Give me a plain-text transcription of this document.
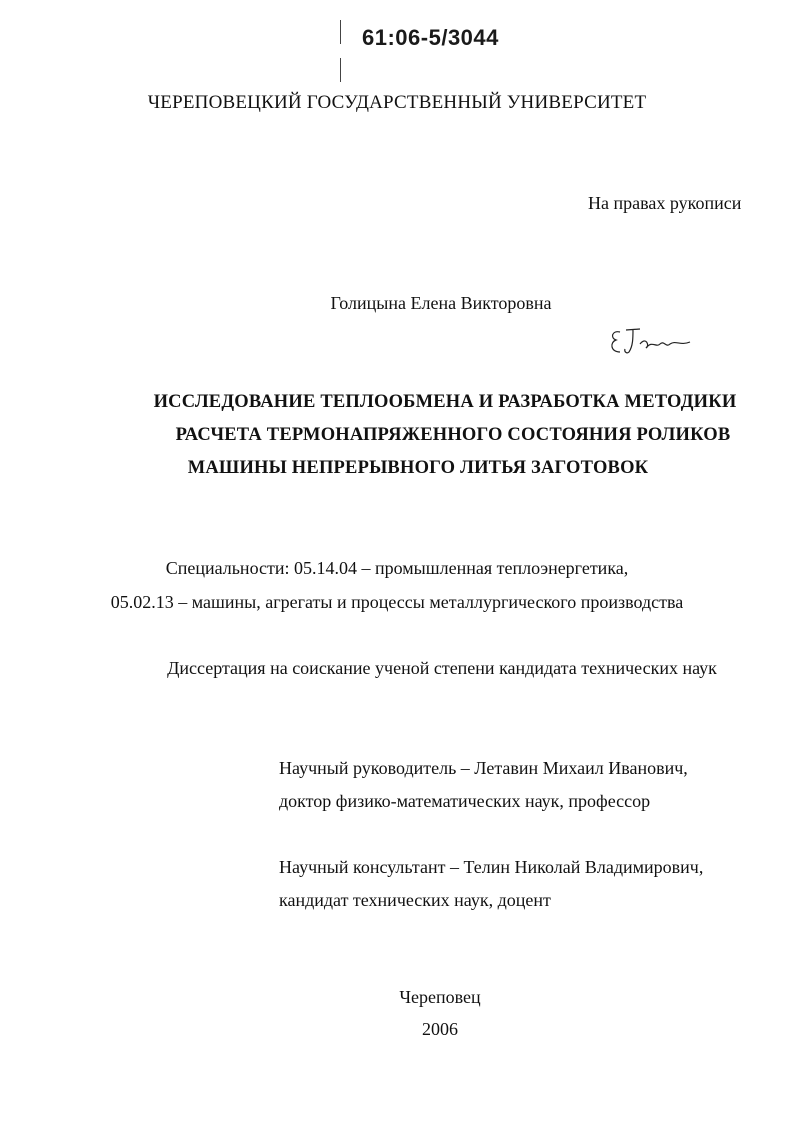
61:06-5/3044
ЧЕРЕПОВЕЦКИЙ ГОСУДАРСТВЕННЫЙ УНИВЕРСИТЕТ
На правах рукописи
Голицына Елена Викторовна
ИССЛЕДОВАНИЕ ТЕПЛООБМЕНА И РАЗРАБОТКА МЕТОДИКИ
РАСЧЕТА ТЕРМОНАПРЯЖЕННОГО СОСТОЯНИЯ РОЛИКОВ
МАШИНЫ НЕПРЕРЫВНОГО ЛИТЬЯ ЗАГОТОВОК
Специальности: 05.14.04 – промышленная теплоэнергетика,
05.02.13 – машины, агрегаты и процессы металлургического производства
Диссертация на соискание ученой степени кандидата технических наук
Научный руководитель – Летавин Михаил Иванович,
доктор физико-математических наук, профессор
Научный консультант – Телин Николай Владимирович,
кандидат технических наук, доцент
Череповец
2006
